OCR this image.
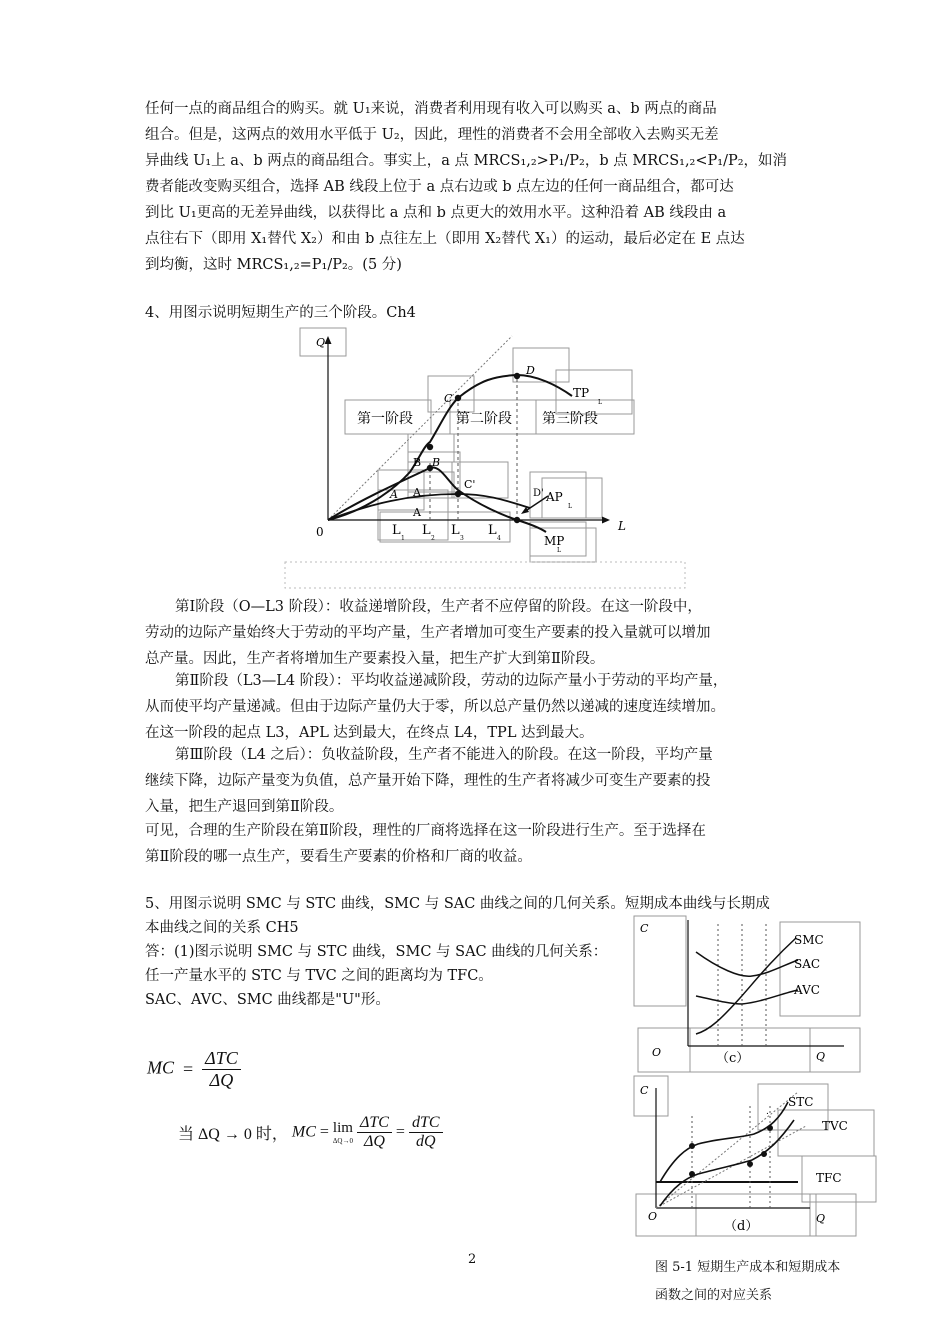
任何一点的商品组合的购买。就 U₁来说，消费者利用现有收入可以购买 a、b 两点的商品
组合。但是，这两点的效用水平低于 U₂，因此，理性的消费者不会用全部收入去购买无差
异曲线 U₁上 a、b 两点的商品组合。事实上，a 点 MRCS₁,₂>P₁/P₂，b 点 MRCS₁,₂<P₁/P₂，如消
费者能改变购买组合，选择 AB 线段上位于 a 点右边或 b 点左边的任何一商品组合，都可达
到比 U₁更高的无差异曲线，以获得比 a 点和 b 点更大的效用水平。这种沿着 AB 线段由 a
点往右下（即用 X₁替代 X₂）和由 b 点往左上（即用 X₂替代 X₁）的运动，最后必定在 E 点达
到均衡，这时 MRCS₁,₂=P₁/P₂。(5 分)
4、用图示说明短期生产的三个阶段。Ch4
Q
L
0
第一阶段	第二阶段 第三阶段
C
D
B B
A A
A
C'
D'
TP
L
AP
L
MP
L
L
1
L
2
L
3
L
4
第Ⅰ阶段（O—L3 阶段）：收益递增阶段，生产者不应停留的阶段。在这一阶段中，
劳动的边际产量始终大于劳动的平均产量，生产者增加可变生产要素的投入量就可以增加
总产量。因此，生产者将增加生产要素投入量，把生产扩大到第Ⅱ阶段。
第Ⅱ阶段（L3—L4 阶段）：平均收益递减阶段，劳动的边际产量小于劳动的平均产量，
从而使平均产量递减。但由于边际产量仍大于零，所以总产量仍然以递减的速度连续增加。
在这一阶段的起点 L3，APL 达到最大，在终点 L4，TPL 达到最大。
第Ⅲ阶段（L4 之后）：负收益阶段，生产者不能进入的阶段。在这一阶段，平均产量
继续下降，边际产量变为负值，总产量开始下降，理性的生产者将减少可变生产要素的投
入量，把生产退回到第Ⅱ阶段。
可见，合理的生产阶段在第Ⅱ阶段，理性的厂商将选择在这一阶段进行生产。至于选择在
第Ⅱ阶段的哪一点生产，要看生产要素的价格和厂商的收益。
5、用图示说明 SMC 与 STC 曲线，SMC 与 SAC 曲线之间的几何关系。短期成本曲线与长期成
本曲线之间的关系 CH5
答：(1)图示说明 SMC 与 STC 曲线，SMC 与 SAC 曲线的几何关系：
任一产量水平的 STC 与 TVC 之间的距离均为 TFC。
SAC、AVC、SMC 曲线都是"U"形。
MC  = $\frac{\text{ΔTC}}{\Delta Q}$
当 ΔQ → 0 时， MC = lim
ΔQ→0
$\frac{\text{ΔTC}}{\Delta Q} = \frac{\text{dTC}}{dQ}$
C
SMC
SAC
AVC
O	Q
（c）
C
.
STC
TVC
TFC
O	Q
（d）
图 5-1 短期生产成本和短期成本
函数之间的对应关系
2
